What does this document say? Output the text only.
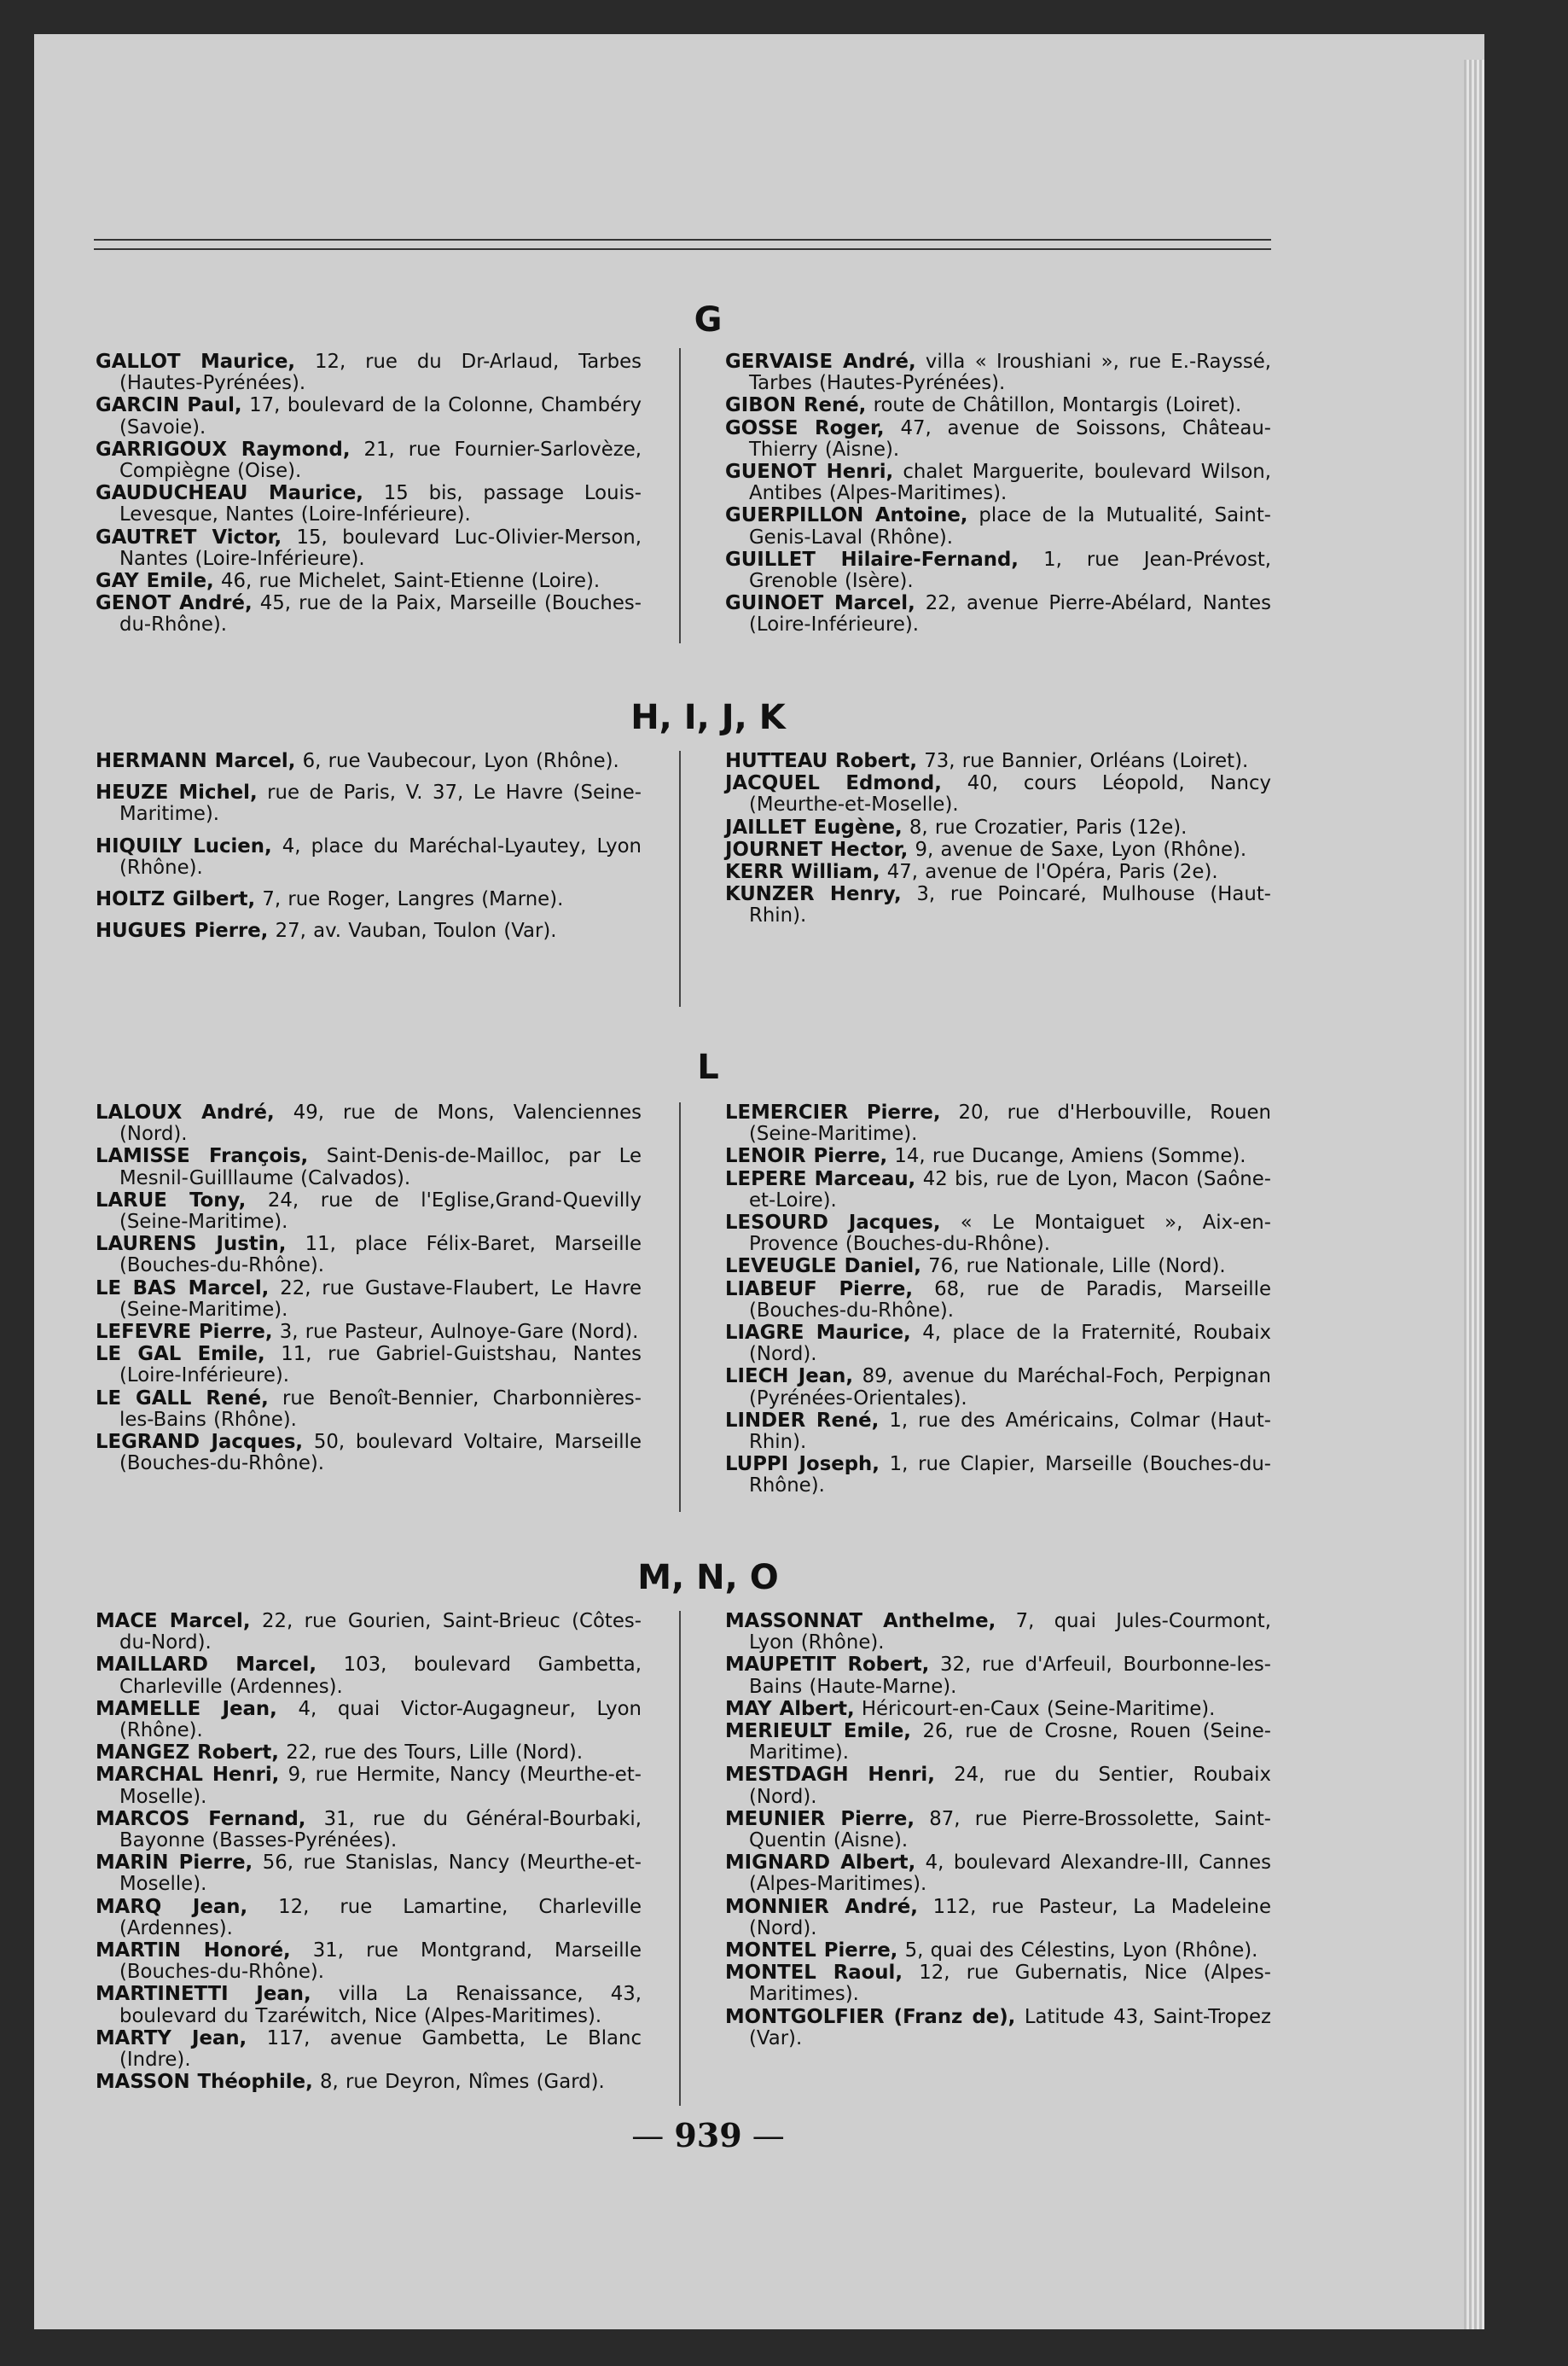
G

GALLOT Maurice, 12, rue du Dr-Arlaud, Tarbes (Hautes-Pyrénées).

GARCIN Paul, 17, boulevard de la Colonne, Chambéry (Savoie).

GARRIGOUX Raymond, 21, rue Fournier-Sarlovèze, Compiègne (Oise).

GAUDUCHEAU Maurice, 15 bis, passage Louis-Levesque, Nantes (Loire-Inférieure).

GAUTRET Victor, 15, boulevard Luc-Olivier-Merson, Nantes (Loire-Inférieure).

GAY Emile, 46, rue Michelet, Saint-Etienne (Loire).

GENOT André, 45, rue de la Paix, Marseille (Bouches-du-Rhône).

GERVAISE André, villa « Iroushiani », rue E.-Rayssé, Tarbes (Hautes-Pyrénées).

GIBON René, route de Châtillon, Montargis (Loiret).

GOSSE Roger, 47, avenue de Soissons, Château-Thierry (Aisne).

GUENOT Henri, chalet Marguerite, boulevard Wilson, Antibes (Alpes-Maritimes).

GUERPILLON Antoine, place de la Mutualité, Saint-Genis-Laval (Rhône).

GUILLET Hilaire-Fernand, 1, rue Jean-Prévost, Grenoble (Isère).

GUINOET Marcel, 22, avenue Pierre-Abélard, Nantes (Loire-Inférieure).

H, I, J, K

HERMANN Marcel, 6, rue Vaubecour, Lyon (Rhône).

HEUZE Michel, rue de Paris, V. 37, Le Havre (Seine-Maritime).

HIQUILY Lucien, 4, place du Maréchal-Lyautey, Lyon (Rhône).

HOLTZ Gilbert, 7, rue Roger, Langres (Marne).

HUGUES Pierre, 27, av. Vauban, Toulon (Var).

HUTTEAU Robert, 73, rue Bannier, Orléans (Loiret).

JACQUEL Edmond, 40, cours Léopold, Nancy (Meurthe-et-Moselle).

JAILLET Eugène, 8, rue Crozatier, Paris (12e).

JOURNET Hector, 9, avenue de Saxe, Lyon (Rhône).

KERR William, 47, avenue de l'Opéra, Paris (2e).

KUNZER Henry, 3, rue Poincaré, Mulhouse (Haut-Rhin).

L

LALOUX André, 49, rue de Mons, Valenciennes (Nord).

LAMISSE François, Saint-Denis-de-Mailloc, par Le Mesnil-Guilllaume (Calvados).

LARUE Tony, 24, rue de l'Eglise,Grand-Quevilly (Seine-Maritime).

LAURENS Justin, 11, place Félix-Baret, Marseille (Bouches-du-Rhône).

LE BAS Marcel, 22, rue Gustave-Flaubert, Le Havre (Seine-Maritime).

LEFEVRE Pierre, 3, rue Pasteur, Aulnoye-Gare (Nord).

LE GAL Emile, 11, rue Gabriel-Guistshau, Nantes (Loire-Inférieure).

LE GALL René, rue Benoît-Bennier, Charbonnières-les-Bains (Rhône).

LEGRAND Jacques, 50, boulevard Voltaire, Marseille (Bouches-du-Rhône).

LEMERCIER Pierre, 20, rue d'Herbouville, Rouen (Seine-Maritime).

LENOIR Pierre, 14, rue Ducange, Amiens (Somme).

LEPERE Marceau, 42 bis, rue de Lyon, Macon (Saône-et-Loire).

LESOURD Jacques, « Le Montaiguet », Aix-en-Provence (Bouches-du-Rhône).

LEVEUGLE Daniel, 76, rue Nationale, Lille (Nord).

LIABEUF Pierre, 68, rue de Paradis, Marseille (Bouches-du-Rhône).

LIAGRE Maurice, 4, place de la Fraternité, Roubaix (Nord).

LIECH Jean, 89, avenue du Maréchal-Foch, Perpignan (Pyrénées-Orientales).

LINDER René, 1, rue des Américains, Colmar (Haut-Rhin).

LUPPI Joseph, 1, rue Clapier, Marseille (Bouches-du-Rhône).

M, N, O

MACE Marcel, 22, rue Gourien, Saint-Brieuc (Côtes-du-Nord).

MAILLARD Marcel, 103, boulevard Gambetta, Charleville (Ardennes).

MAMELLE Jean, 4, quai Victor-Augagneur, Lyon (Rhône).

MANGEZ Robert, 22, rue des Tours, Lille (Nord).

MARCHAL Henri, 9, rue Hermite, Nancy (Meurthe-et-Moselle).

MARCOS Fernand, 31, rue du Général-Bourbaki, Bayonne (Basses-Pyrénées).

MARIN Pierre, 56, rue Stanislas, Nancy (Meurthe-et-Moselle).

MARQ Jean, 12, rue Lamartine, Charleville (Ardennes).

MARTIN Honoré, 31, rue Montgrand, Marseille (Bouches-du-Rhône).

MARTINETTI Jean, villa La Renaissance, 43, boulevard du Tzaréwitch, Nice (Alpes-Maritimes).

MARTY Jean, 117, avenue Gambetta, Le Blanc (Indre).

MASSON Théophile, 8, rue Deyron, Nîmes (Gard).

MASSONNAT Anthelme, 7, quai Jules-Courmont, Lyon (Rhône).

MAUPETIT Robert, 32, rue d'Arfeuil, Bourbonne-les-Bains (Haute-Marne).

MAY Albert, Héricourt-en-Caux (Seine-Maritime).

MERIEULT Emile, 26, rue de Crosne, Rouen (Seine-Maritime).

MESTDAGH Henri, 24, rue du Sentier, Roubaix (Nord).

MEUNIER Pierre, 87, rue Pierre-Brossolette, Saint-Quentin (Aisne).

MIGNARD Albert, 4, boulevard Alexandre-III, Cannes (Alpes-Maritimes).

MONNIER André, 112, rue Pasteur, La Madeleine (Nord).

MONTEL Pierre, 5, quai des Célestins, Lyon (Rhône).

MONTEL Raoul, 12, rue Gubernatis, Nice (Alpes-Maritimes).

MONTGOLFIER (Franz de), Latitude 43, Saint-Tropez (Var).

— 939 —
